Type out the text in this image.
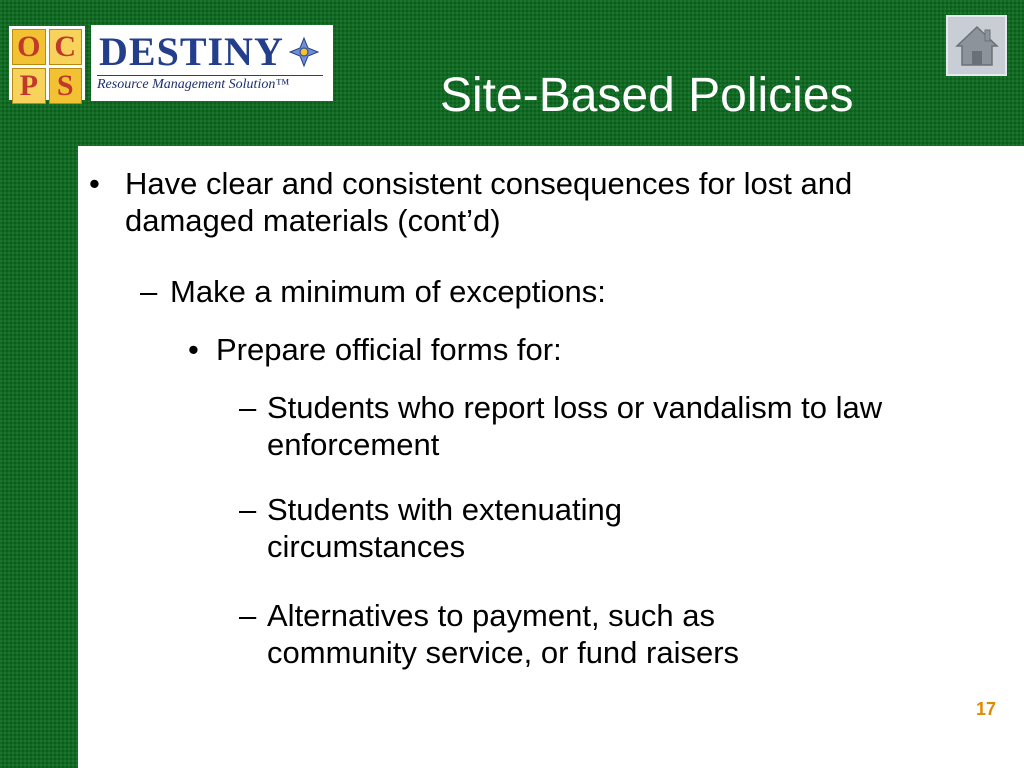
O C
P S
DESTINY
Resource Management Solution™	Site-Based Policies
• Have clear and consistent consequences for lost and damaged materials (cont’d)
– Make a minimum of exceptions:
• Prepare official forms for:
– Students who report loss or vandalism to law enforcement
– Students with extenuating circumstances
– Alternatives to payment, such as community service, or fund raisers
17
